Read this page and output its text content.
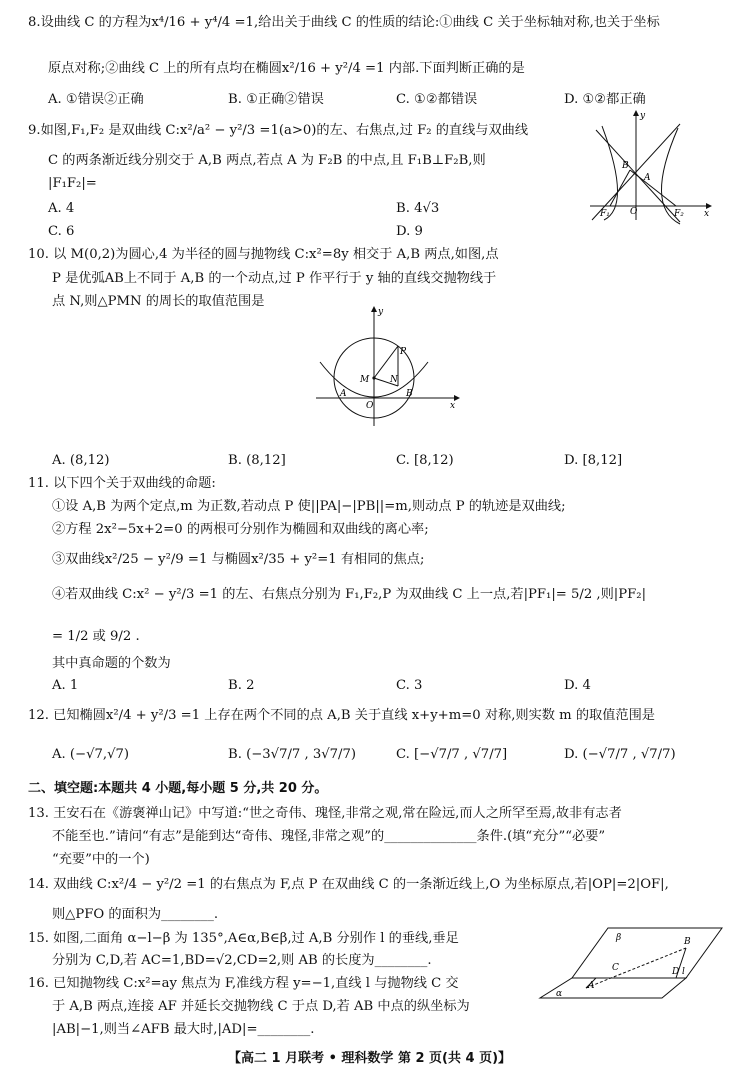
8.设曲线 C 的方程为x⁴/16 + y⁴/4 =1,给出关于曲线 C 的性质的结论:①曲线 C 关于坐标轴对称,也关于坐标
原点对称;②曲线 C 上的所有点均在椭圆x²/16 + y²/4 =1 内部.下面判断正确的是
A. ①错误②正确	B. ①正确②错误	C. ①②都错误	D. ①②都正确
9.如图,F₁,F₂ 是双曲线 C:x²/a² − y²/3 =1(a>0)的左、右焦点,过 F₂ 的直线与双曲线
C 的两条渐近线分别交于 A,B 两点,若点 A 为 F₂B 的中点,且 F₁B⊥F₂B,则
|F₁F₂|=
A. 4	B. 4√3
C. 6	D. 9
y
x
B
A
F₁ O	F₂
10. 以 M(0,2)为圆心,4 为半径的圆与抛物线 C:x²=8y 相交于 A,B 两点,如图,点
P 是优弧AB上不同于 A,B 的一个动点,过 P 作平行于 y 轴的直线交抛物线于
点 N,则△PMN 的周长的取值范围是
y
x
P
M N
A
O
B
A. (8,12)	B. (8,12]	C. [8,12)	D. [8,12]
11. 以下四个关于双曲线的命题:
①设 A,B 为两个定点,m 为正数,若动点 P 使||PA|−|PB||=m,则动点 P 的轨迹是双曲线;
②方程 2x²−5x+2=0 的两根可分别作为椭圆和双曲线的离心率;
③双曲线x²/25 − y²/9 =1 与椭圆x²/35 + y²=1 有相同的焦点;
④若双曲线 C:x² − y²/3 =1 的左、右焦点分别为 F₁,F₂,P 为双曲线 C 上一点,若|PF₁|= 5/2 ,则|PF₂|
= 1/2 或 9/2 .
其中真命题的个数为
A. 1	B. 2	C. 3	D. 4
12. 已知椭圆x²/4 + y²/3 =1 上存在两个不同的点 A,B 关于直线 x+y+m=0 对称,则实数 m 的取值范围是
A. (−√7,√7)	B. (−3√7/7 , 3√7/7)	C. [−√7/7 , √7/7]	D. (−√7/7 , √7/7)
二、填空题:本题共 4 小题,每小题 5 分,共 20 分。
13. 王安石在《游褒禅山记》中写道:“世之奇伟、瑰怪,非常之观,常在险远,而人之所罕至焉,故非有志者
不能至也.”请问“有志”是能到达“奇伟、瑰怪,非常之观”的______________条件.(填“充分”“必要”
“充要”中的一个)
14. 双曲线 C:x²/4 − y²/2 =1 的右焦点为 F,点 P 在双曲线 C 的一条渐近线上,O 为坐标原点,若|OP|=2|OF|,
则△PFO 的面积为________.
15. 如图,二面角 α−l−β 为 135°,A∈α,B∈β,过 A,B 分别作 l 的垂线,垂足
分别为 C,D,若 AC=1,BD=√2,CD=2,则 AB 的长度为________.
β	B
C	D l
A
α
16. 已知抛物线 C:x²=ay 焦点为 F,准线方程 y=−1,直线 l 与抛物线 C 交
于 A,B 两点,连接 AF 并延长交抛物线 C 于点 D,若 AB 中点的纵坐标为
|AB|−1,则当∠AFB 最大时,|AD|=________.
【高二 1 月联考 • 理科数学 第 2 页(共 4 页)】
